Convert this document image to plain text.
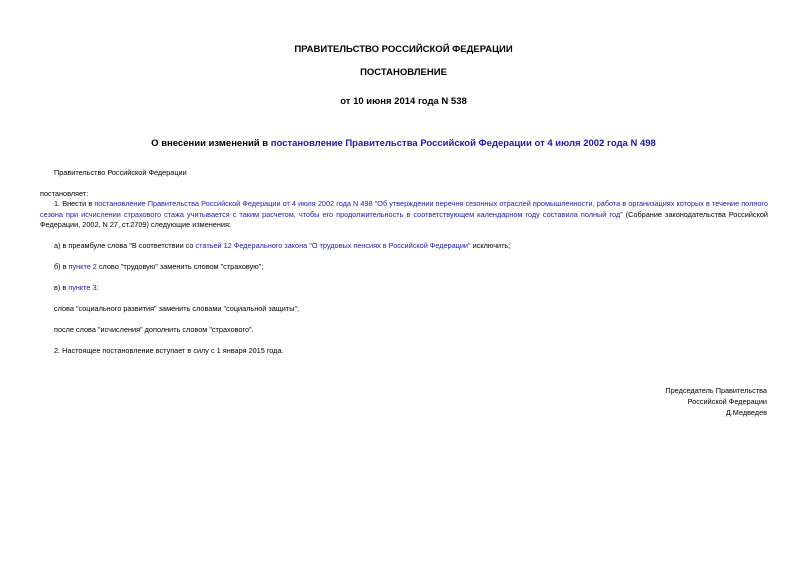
ПРАВИТЕЛЬСТВО РОССИЙСКОЙ ФЕДЕРАЦИИ
ПОСТАНОВЛЕНИЕ
от 10 июня 2014 года N 538
О внесении изменений в постановление Правительства Российской Федерации от 4 июля 2002 года N 498
Правительство Российской Федерации
постановляет:
1. Внести в постановление Правительства Российской Федерации от 4 июля 2002 года N 498 "Об утверждении перечня сезонных отраслей промышленности, работа в организациях которых в течение полного сезона при исчислении страхового стажа учитывается с таким расчетом, чтобы его продолжительность в соответствующем календарном году составила полный год" (Собрание законодательства Российской Федерации, 2002, N 27, ст.2709) следующие изменения:
а) в преамбуле слова "В соответствии со статьей 12 Федерального закона "О трудовых пенсиях в Российской Федерации" исключить;
б) в пункте 2 слово "трудовую" заменить словом "страховую";
в) в пункте 3:
слова "социального развития" заменить словами "социальной защиты";
после слова "исчисления" дополнить словом "страхового".
2. Настоящее постановление вступает в силу с 1 января 2015 года.
Председатель Правительства
Российской Федерации
Д.Медведев
